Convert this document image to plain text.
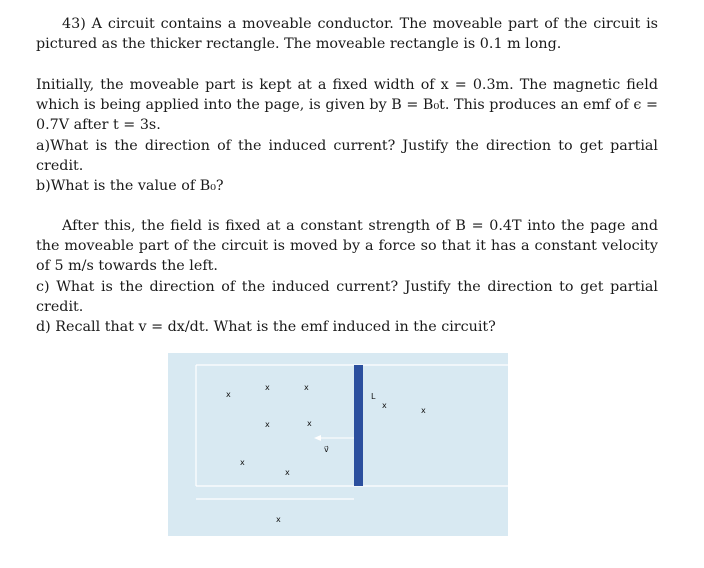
43) A circuit contains a moveable conductor. The moveable part of the circuit is pictured as the thicker rectangle. The moveable rectangle is 0.1 m long.

Initially, the moveable part is kept at a fixed width of x = 0.3m. The magnetic field which is being applied into the page, is given by B = B₀t. This produces an emf of ϵ = 0.7V after t = 3s.

a)What is the direction of the induced current? Justify the direction to get partial credit.

b)What is the value of B₀?

After this, the field is fixed at a constant strength of B = 0.4T into the page and the moveable part of the circuit is moved by a force so that it has a constant velocity of 5 m/s towards the left.

c) What is the direction of the induced current? Justify the direction to get partial credit.

d) Recall that v = dx/dt. What is the emf induced in the circuit?

v⃗
L
x
x	x
x	x
x
x
x
x
x
